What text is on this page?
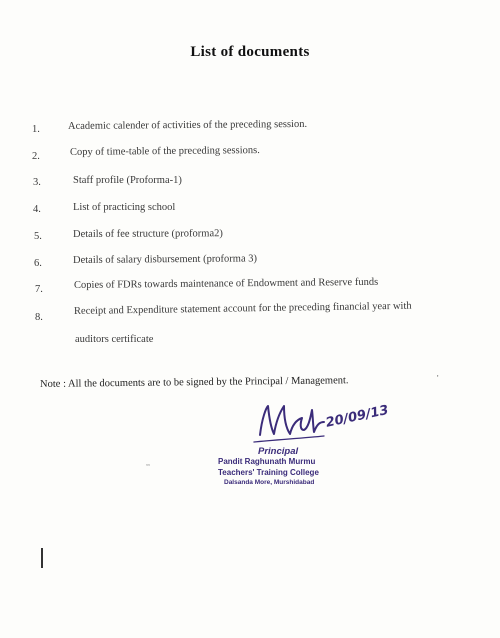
List of documents
1.	Academic calender of activities of the preceding session.
2.	Copy of time-table of the preceding sessions.
3.	Staff profile (Proforma-1)
4.	List of practicing school
5.	Details of fee structure (proforma2)
6.	Details of salary disbursement (proforma 3)
7.	Copies of FDRs towards maintenance of Endowment and Reserve funds
8.
Receipt and Expenditure statement account for the preceding financial year with
auditors certificate
Note : All the documents are to be signed by the Principal / Management.
20/09/13
Principal
Pandit Raghunath Murmu
Teachers' Training College
Dalsanda More, Murshidabad
,,
'
